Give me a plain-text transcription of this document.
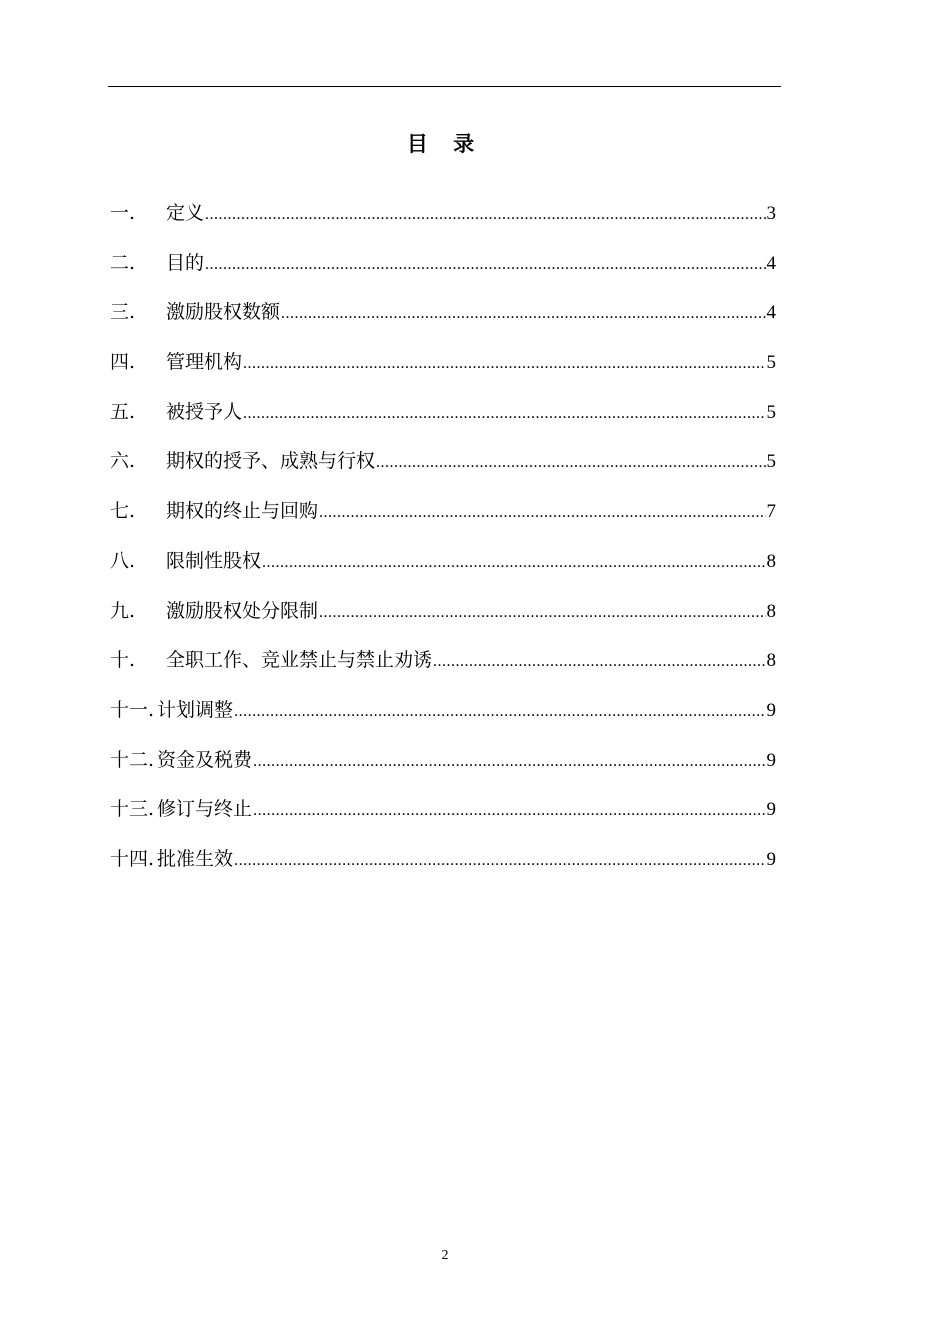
目 录
一.	定义 .....	3
二.	目的 .....	4
三.	激励股权数额 .....	4
四.	管理机构 .....	5
五.	被授予人 .....	5
六.	期权的授予、成熟与行权 .....	5
七.	期权的终止与回购 .....	7
八.	限制性股权 .....	8
九.	激励股权处分限制 .....	8
十.	全职工作、竞业禁止与禁止劝诱 .....	8
十一. 计划调整 .....	9
十二. 资金及税费 .....	9
十三. 修订与终止 .....	9
十四. 批准生效 .....	9
2
